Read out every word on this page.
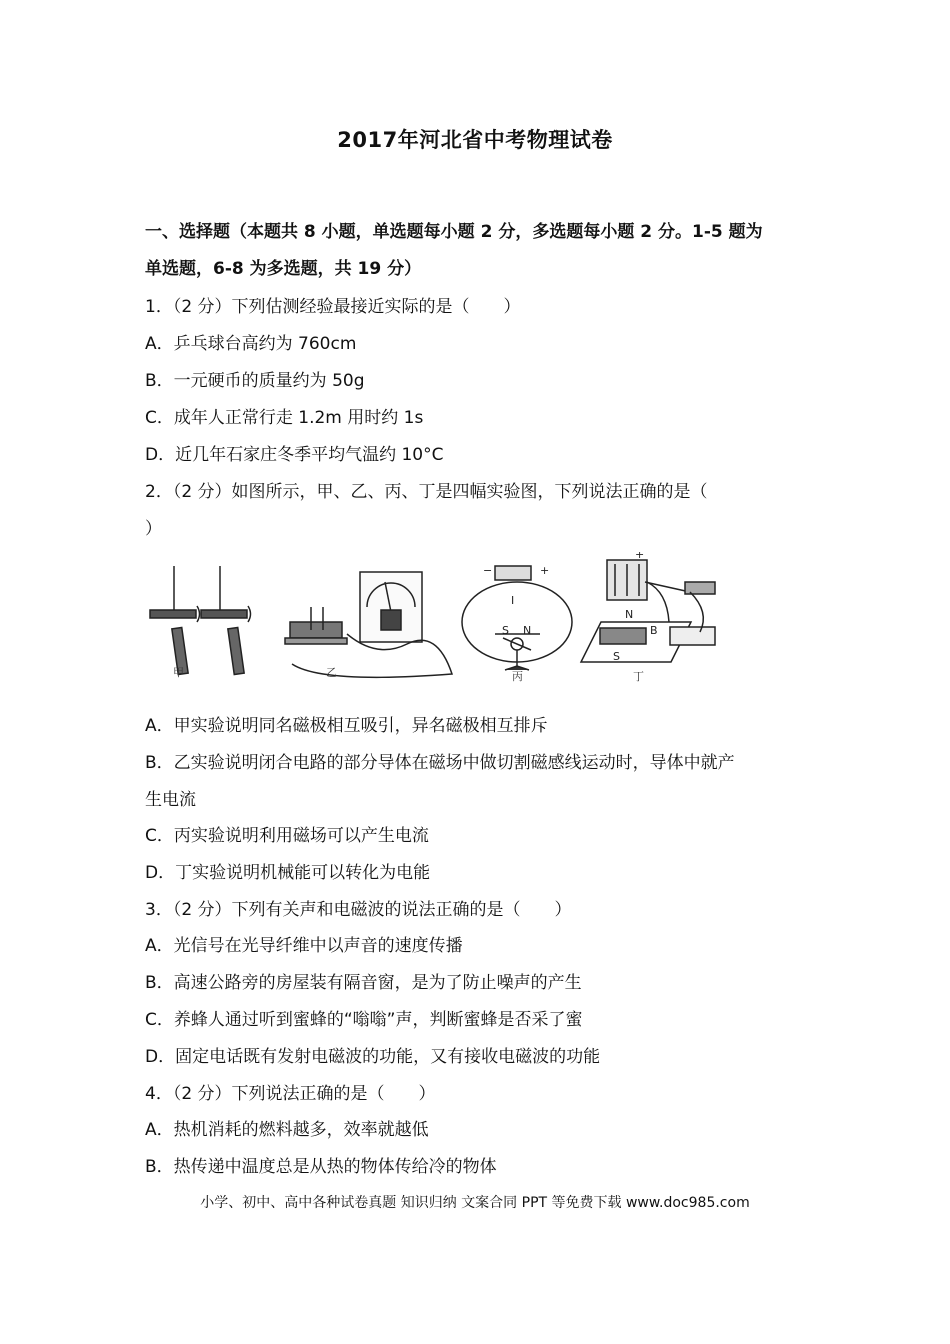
2017年河北省中考物理试卷
一、选择题（本题共 8 小题，单选题每小题 2 分，多选题每小题 2 分。1-5 题为
单选题，6-8 为多选题，共 19 分）
1．（2 分）下列估测经验最接近实际的是（　　）
A．乒乓球台高约为 760cm
B．一元硬币的质量约为 50g
C．成年人正常行走 1.2m 用时约 1s
D．近几年石家庄冬季平均气温约 10°C
2．（2 分）如图所示，甲、乙、丙、丁是四幅实验图，下列说法正确的是（
）
I
S N
N
B
S
+
−
+
甲	乙	丙	丁
A．甲实验说明同名磁极相互吸引，异名磁极相互排斥
B．乙实验说明闭合电路的部分导体在磁场中做切割磁感线运动时，导体中就产
生电流
C．丙实验说明利用磁场可以产生电流
D．丁实验说明机械能可以转化为电能
3．（2 分）下列有关声和电磁波的说法正确的是（　　）
A．光信号在光导纤维中以声音的速度传播
B．高速公路旁的房屋装有隔音窗，是为了防止噪声的产生
C．养蜂人通过听到蜜蜂的“嗡嗡”声，判断蜜蜂是否采了蜜
D．固定电话既有发射电磁波的功能，又有接收电磁波的功能
4．（2 分）下列说法正确的是（　　）
A．热机消耗的燃料越多，效率就越低
B．热传递中温度总是从热的物体传给冷的物体
小学、初中、高中各种试卷真题 知识归纳 文案合同 PPT 等免费下载 www.doc985.com
